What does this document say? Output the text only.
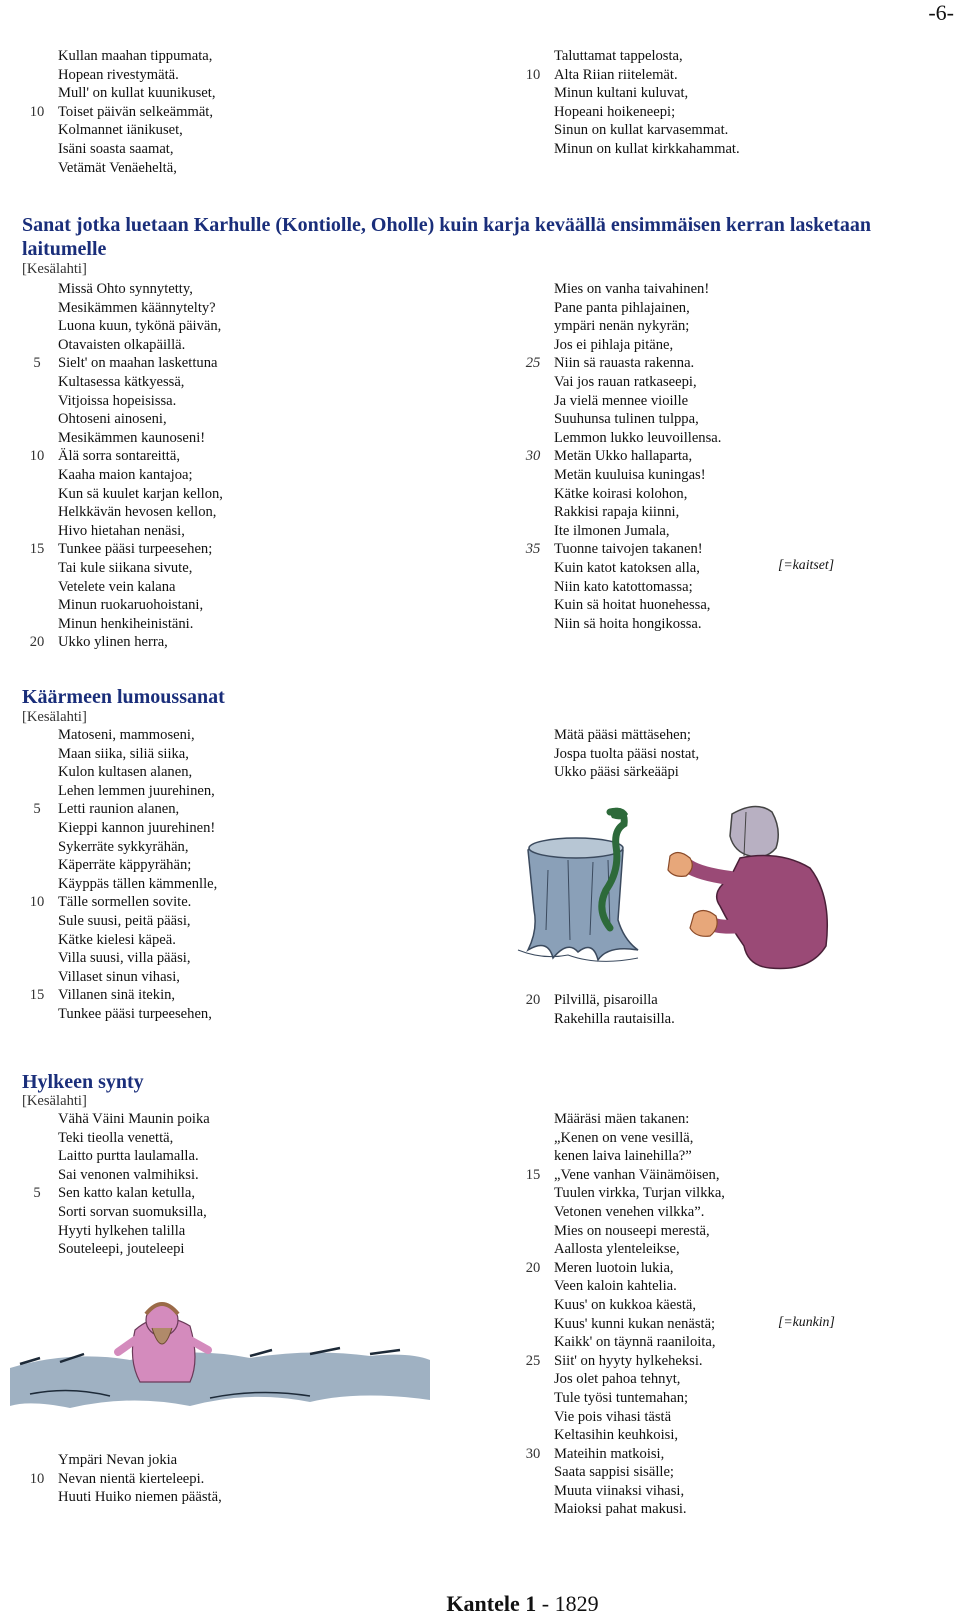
-6-
Kullan maahan tippumata,
Hopean rivestymätä.
Mull' on kullat kuunikuset,
10 Toiset päivän selkeämmät,
Kolmannet iänikuset,
Isäni soasta saamat,
Vetämät Venäeheltä,
Taluttamat tappelosta,
10 Alta Riian riitelemät.
Minun kultani kuluvat,
Hopeani hoikeneepi;
Sinun on kullat karvasemmat.
Minun on kullat kirkkahammat.
Sanat jotka luetaan Karhulle (Kontiolle, Oholle) kuin karja keväällä ensimmäisen kerran lasketaan
laitumelle
[Kesälahti]
Missä Ohto synnytetty,
Mesikämmen käännytelty?
Luona kuun, tykönä päivän,
Otavaisten olkapäillä.
5	Sielt' on maahan laskettuna
Kultasessa kätkyessä,
Vitjoissa hopeisissa.
Ohtoseni ainoseni,
Mesikämmen kaunoseni!
10 Älä sorra sontareittä,
Kaaha maion kantajoa;
Kun sä kuulet karjan kellon,
Helkkävän hevosen kellon,
Hivo hietahan nenäsi,
15 Tunkee pääsi turpeesehen;
Tai kule siikana sivute,
Vetelete vein kalana
Minun ruokaruohoistani,
Minun henkiheinistäni.
20 Ukko ylinen herra,
Mies on vanha taivahinen!
Pane panta pihlajainen,
ympäri nenän nykyrän;
Jos ei pihlaja pitäne,
25 Niin sä rauasta rakenna.
Vai jos rauan ratkaseepi,
Ja vielä mennee vioille
Suuhunsa tulinen tulppa,
Lemmon lukko leuvoillensa.
30 Metän Ukko hallaparta,
Metän kuuluisa kuningas!
Kätke koirasi kolohon,
Rakkisi rapaja kiinni,
Ite ilmonen Jumala,
35 Tuonne taivojen takanen!
Kuin katot katoksen alla,
Niin kato katottomassa;
Kuin sä hoitat huonehessa,
Niin sä hoita hongikossa.
[=kaitset]
Käärmeen lumoussanat
[Kesälahti]
Matoseni, mammoseni,
Maan siika, siliä siika,
Kulon kultasen alanen,
Lehen lemmen juurehinen,
5	Letti raunion alanen,
Kieppi kannon juurehinen!
Sykerräte sykkyrähän,
Käperräte käppyrähän;
Käyppäs tällen kämmenlle,
10 Tälle sormellen sovite.
Sule suusi, peitä pääsi,
Kätke kielesi käpeä.
Villa suusi, villa pääsi,
Villaset sinun vihasi,
15 Villanen sinä itekin,
Tunkee pääsi turpeesehen,
Mätä pääsi mättäsehen;
Jospa tuolta pääsi nostat,
Ukko pääsi särkeääpi
20 Pilvillä, pisaroilla
Rakehilla rautaisilla.
Hylkeen synty
[Kesälahti]
Vähä Väini Maunin poika
Teki tieolla venettä,
Laitto purtta laulamalla.
Sai venonen valmihiksi.
5	Sen katto kalan ketulla,
Sorti sorvan suomuksilla,
Hyyti hylkehen talilla
Souteleepi, jouteleepi
Ympäri Nevan jokia
10 Nevan nientä kierteleepi.
Huuti Huiko niemen päästä,
Määräsi mäen takanen:
„Kenen on vene vesillä,
kenen laiva lainehilla?”
15 „Vene vanhan Väinämöisen,
Tuulen virkka, Turjan vilkka,
Vetonen venehen vilkka”.
Mies on nouseepi merestä,
Aallosta ylenteleikse,
20 Meren luotoin lukia,
Veen kaloin kahtelia.
Kuus' on kukkoa käestä,
Kuus' kunni kukan nenästä;
Kaikk' on täynnä raaniloita,
25 Siit' on hyyty hylkeheksi.
Jos olet pahoa tehnyt,
Tule työsi tuntemahan;
Vie pois vihasi tästä
Keltasihin keuhkoisi,
30 Mateihin matkoisi,
Saata sappisi sisälle;
Muuta viinaksi vihasi,
Maioksi pahat makusi.
[=kunkin]
Kantele 1 - 1829
